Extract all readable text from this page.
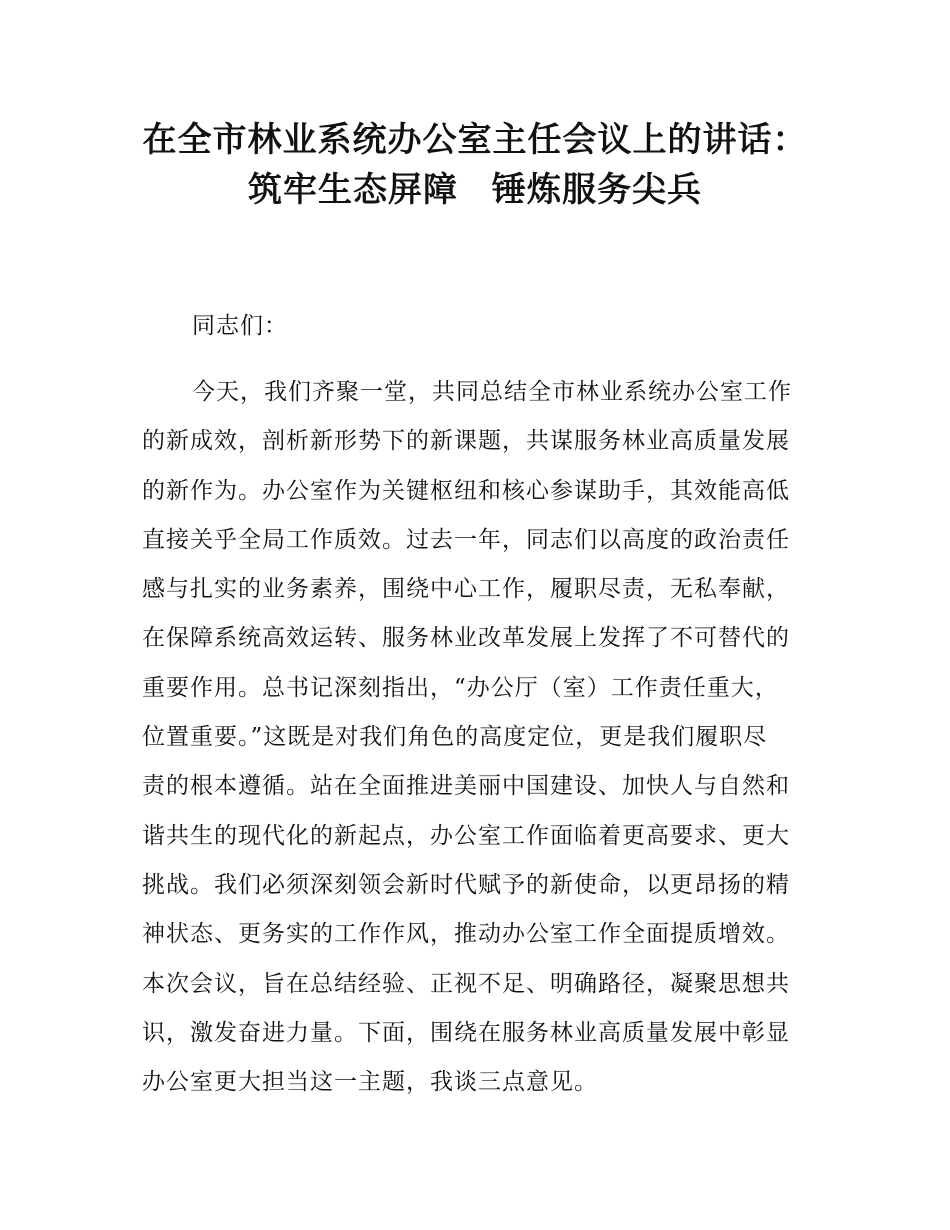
在全市林业系统办公室主任会议上的讲话：
筑牢生态屏障 锤炼服务尖兵

同志们：

今天，我们齐聚一堂，共同总结全市林业系统办公室工作
的新成效，剖析新形势下的新课题，共谋服务林业高质量发展
的新作为。办公室作为关键枢纽和核心参谋助手，其效能高低
直接关乎全局工作质效。过去一年，同志们以高度的政治责任
感与扎实的业务素养，围绕中心工作，履职尽责，无私奉献，
在保障系统高效运转、服务林业改革发展上发挥了不可替代的
重要作用。总书记深刻指出，“办公厅（室）工作责任重大，
位置重要。”这既是对我们角色的高度定位，更是我们履职尽
责的根本遵循。站在全面推进美丽中国建设、加快人与自然和
谐共生的现代化的新起点，办公室工作面临着更高要求、更大
挑战。我们必须深刻领会新时代赋予的新使命，以更昂扬的精
神状态、更务实的工作作风，推动办公室工作全面提质增效。
本次会议，旨在总结经验、正视不足、明确路径，凝聚思想共
识，激发奋进力量。下面，围绕在服务林业高质量发展中彰显
办公室更大担当这一主题，我谈三点意见。
